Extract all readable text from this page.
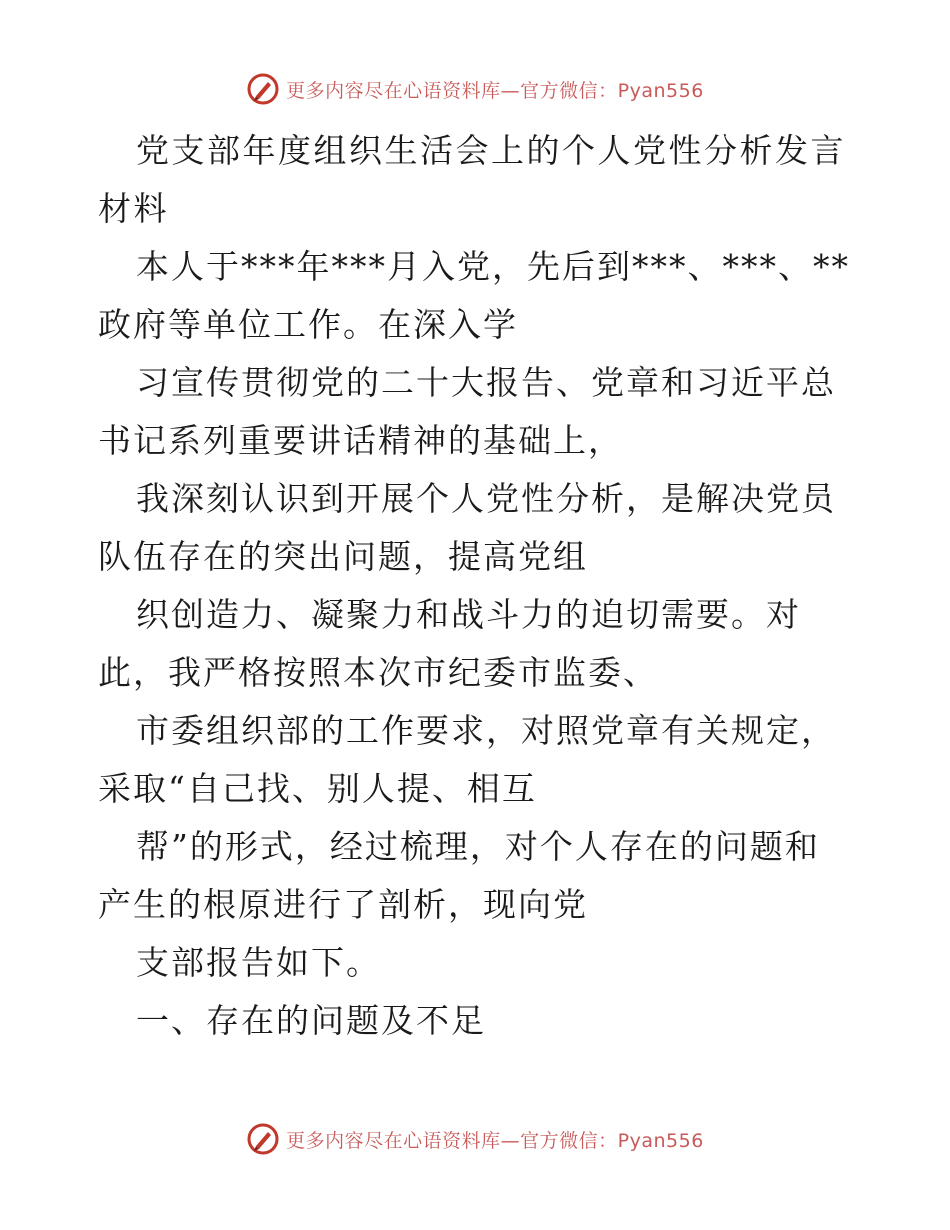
更多内容尽在心语资料库—官方微信：Pyan556

党支部年度组织生活会上的个人党性分析发言材料

本人于***年***月入党，先后到***、***、**政府等单位工作。在深入学

习宣传贯彻党的二十大报告、党章和习近平总书记系列重要讲话精神的基础上，

我深刻认识到开展个人党性分析，是解决党员队伍存在的突出问题，提高党组

织创造力、凝聚力和战斗力的迫切需要。对此，我严格按照本次市纪委市监委、

市委组织部的工作要求，对照党章有关规定，采取“自己找、别人提、相互

帮”的形式，经过梳理，对个人存在的问题和产生的根原进行了剖析，现向党

支部报告如下。

一、存在的问题及不足

更多内容尽在心语资料库—官方微信：Pyan556
